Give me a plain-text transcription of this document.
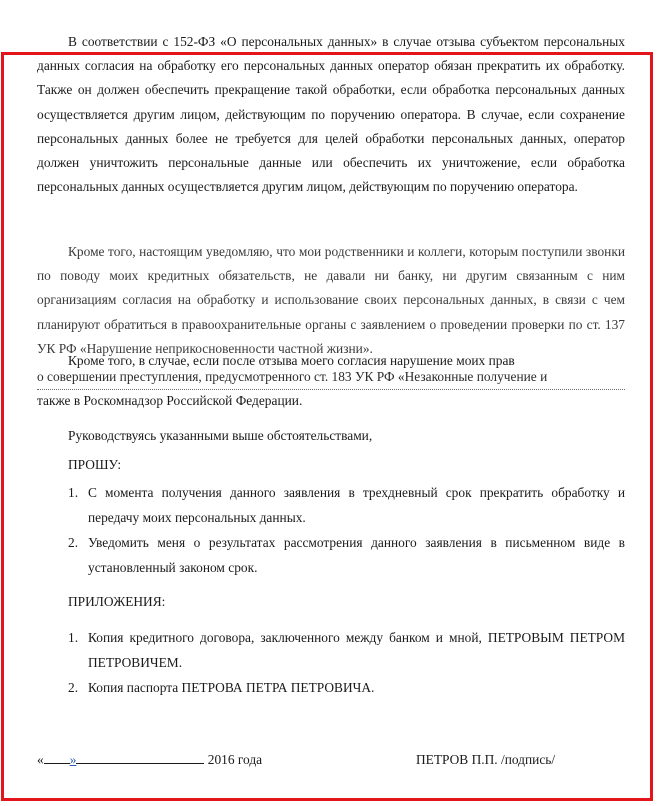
В соответствии с 152-ФЗ «О персональных данных» в случае отзыва субъектом персональных данных согласия на обработку его персональных данных оператор обязан прекратить их обработку. Также он должен обеспечить прекращение такой обработки, если обработка персональных данных осуществляется другим лицом, действующим по поручению оператора. В случае, если сохранение персональных данных более не требуется для целей обработки персональных данных, оператор должен уничтожить персональные данные или обеспечить их уничтожение, если обработка персональных данных осуществляется другим лицом, действующим по поручению оператора.

Кроме того, настоящим уведомляю, что мои родственники и коллеги, которым поступили звонки по поводу моих кредитных обязательств, не давали ни банку, ни другим связанным с ним организациям согласия на обработку и использование своих персональных данных, в связи с чем планируют обратиться в правоохранительные органы с заявлением о проведении проверки по ст. 137 УК РФ «Нарушение неприкосновенности частной жизни».

Кроме того, в случае, если после отзыва моего согласия нарушение моих прав

о совершении преступления, предусмотренного ст. 183 УК РФ «Незаконные получение и

также в Роскомнадзор Российской Федерации.

Руководствуясь указанными выше обстоятельствами,

ПРОШУ:

1. С момента получения данного заявления в трехдневный срок прекратить обработку и передачу моих персональных данных.
2. Уведомить меня о результатах рассмотрения данного заявления в письменном виде в установленный законом срок.

ПРИЛОЖЕНИЯ:

1. Копия кредитного договора, заключенного между банком и мной, ПЕТРОВЫМ ПЕТРОМ ПЕТРОВИЧЕМ.
2. Копия паспорта ПЕТРОВА ПЕТРА ПЕТРОВИЧА.
« »	2016 года	ПЕТРОВ П.П. /подпись/
